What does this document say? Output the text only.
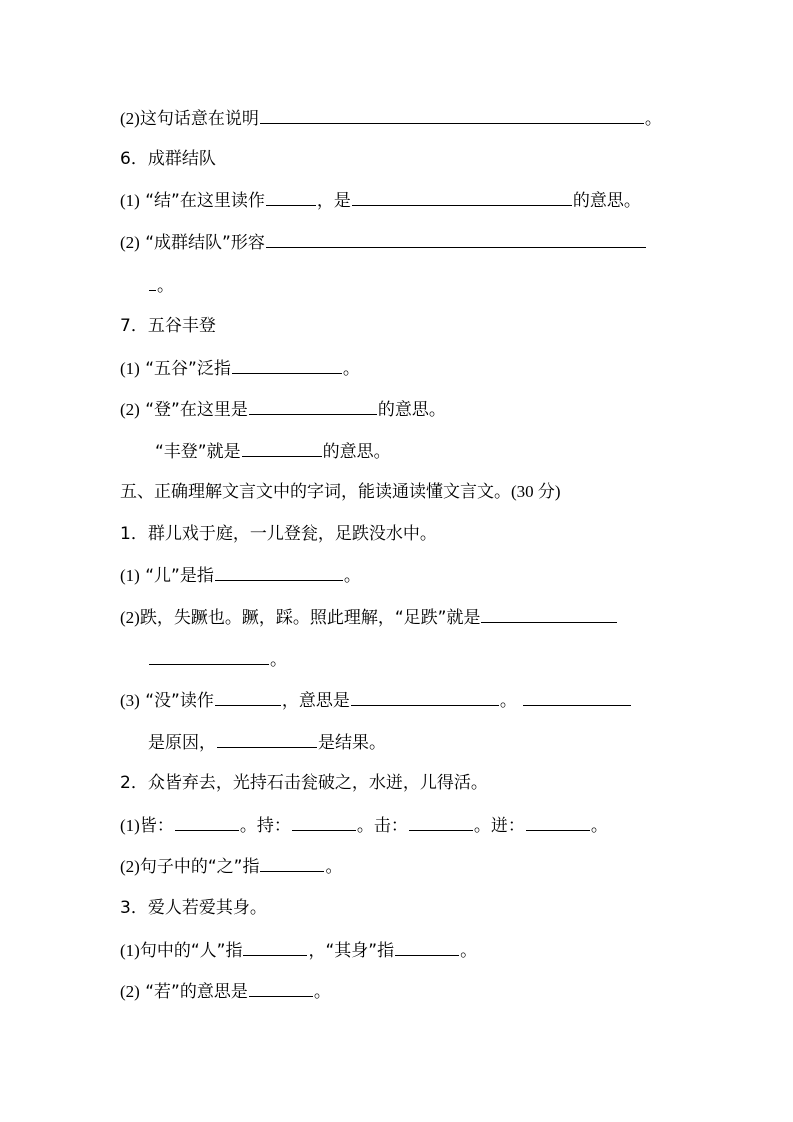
(2)这句话意在说明	。
6．成群结队
(1) “结”在这里读作	，是	的意思。
(2) “成群结队”形容
。
7．五谷丰登
(1) “五谷”泛指	。
(2) “登”在这里是	的意思。
“丰登”就是	的意思。
五、正确理解文言文中的字词，能读通读懂文言文。(30 分)
1．群儿戏于庭，一儿登瓮，足跌没水中。
(1) “儿”是指	。
(2)跌，失蹶也。蹶，踩。照此理解，“足跌”就是
。
(3) “没”读作	，意思是	。
是原因，	是结果。
2．众皆弃去，光持石击瓮破之，水迸，儿得活。
(1)皆：	。持：	。击：	。迸：	。
(2)句子中的“之”指	。
3．爱人若爱其身。
(1)句中的“人”指	，“其身”指	。
(2) “若”的意思是	。
